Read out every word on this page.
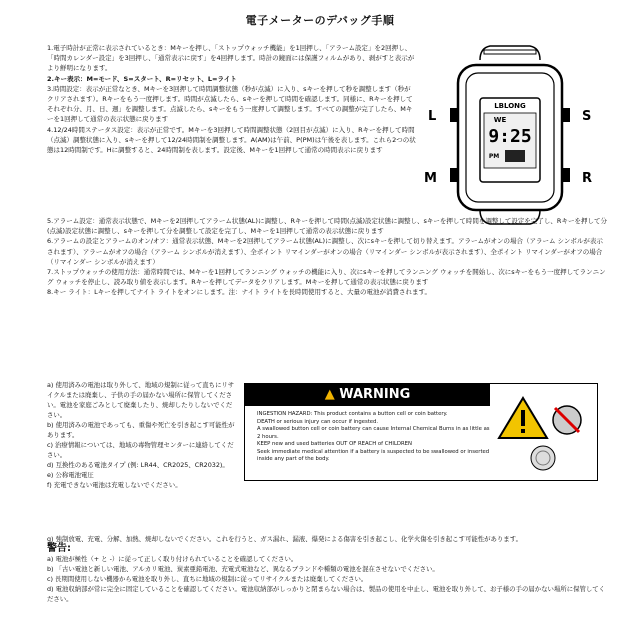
電子メーターのデバッグ手順

1.電子時計が正常に表示されているとき：Mキーを押し、「ストップウォッチ機能」を1回押し、「アラーム設定」を2回押し、「時間カレンダー設定」を3回押し、「通常表示に戻す」を4回押します。時計の鏡面には保護フィルムがあり、剥がすと表示がより鮮明になります。

2.キー表示：M=モード、S=スタート、R=リセット、L=ライト

3.時間設定：表示が正常なとき、Mキーを3回押して時間調整状態（秒が点滅）に入り、sキーを押して秒を調整します（秒がクリアされます）。Rキーをもう一度押します。時間が点滅したら、sキーを押して時間を確認します。同様に、Rキーを押してそれぞれ分、月、日、週」を調整します。点滅したら、sキーをもう一度押して調整します。すべての調整が完了したら、Mキーを1回押して通常の表示状態に戻ります

4.12/24時間ステータス設定：表示が正常です。Mキーを3回押して時間調整状態（2回目が点滅）に入り、Rキーを押して時間（点滅）調整状態に入り、sキーを押して12/24時間制を調整します。A(AM)は午前、P(PM)は午後を表します。これら2つの状態は12時間制です。Hに調整すると、24時間制を表します。設定後、Mキーを1回押して通常の時間表示に戻ります

LBLONG
WE
9:25
PM
L
M
S
R

5.アラーム設定：通常表示状態で、Mキーを2回押してアラーム状態(AL)に調整し、Rキーを押して時間(点滅)設定状態に調整し、sキーを押して時間を調整して設定を完了し、Rキーを押して分(点滅)設定状態に調整し、sキーを押して分を調整して設定を完了し、Mキーを1回押して通常の表示状態に戻ります

6.アラームの設定とアラームのオン/オフ：通常表示状態、Mキーを2回押してアラーム状態(AL)に調整し、次にsキーを押して切り替えます。アラームがオンの場合（アラーム シンボルが表示されます）、アラームがオフの場合（アラーム シンボルが消えます）、全ポイント リマインダーがオンの場合（リマインダー シンボルが表示されます）、全ポイント リマインダーがオフの場合（リマインダー シンボルが消えます）

7.ストップウォッチの使用方法：通常時間では、Mキーを1回押してランニング ウォッチの機能に入り、次にsキーを押してランニング ウォッチを開始し、次にsキーをもう一度押してランニング ウォッチを停止し、読み取り値を表示します。Rキーを押してデータをクリアします。Mキーを押して通常の表示状態に戻ります

8.キー ライト：Lキーを押してナイト ライトをオンにします。注：ナイト ライトを長時間使用すると、大量の電池が消費されます。

a) 使用済みの電池は取り外して、地域の規制に従って直ちにリサイクルまたは廃棄し、子供の手の届かない場所に保管してください。電池を家庭ごみとして廃棄したり、焼却したりしないでください。

b) 使用済みの電池であっても、重傷や死亡を引き起こす可能性があります。

c) 治療情報については、地域の毒物管理センターに連絡してください。

d) 互換性のある電池タイプ (例: LR44、CR2025、CR2032)。

e) 公称電池電圧

f) 充電できない電池は充電しないでください。

▲ WARNING

INGESTION HAZARD: This product contains a button cell or coin battery.

DEATH or serious injury can occur if ingested.

A swallowed button cell or coin battery can cause Internal Chemical Burns in as little as 2 hours.

KEEP new and used batteries OUT OF REACH of CHILDREN

Seek immediate medical attention if a battery is suspected to be swallowed or inserted inside any part of the body.

g) 強制放電、充電、分解、加熱、焼却しないでください。これを行うと、ガス漏れ、漏液、爆発による傷害を引き起こし、化学火傷を引き起こす可能性があります。

警告:

a) 電池が極性（+ と -）に従って正しく取り付けられていることを確認してください。

b) 「古い電池と新しい電池、アルカリ電池、炭素亜鉛電池、充電式電池など、異なるブランドや種類の電池を混在させないでください。

c) 長期間使用しない機器から電池を取り外し、直ちに地域の規制に従ってリサイクルまたは廃棄してください。

d) 電池収納部が常に完全に固定していることを確認してください。電池収納部がしっかりと閉まらない場合は、製品の使用を中止し、電池を取り外して、お子様の手の届かない場所に保管してください。
